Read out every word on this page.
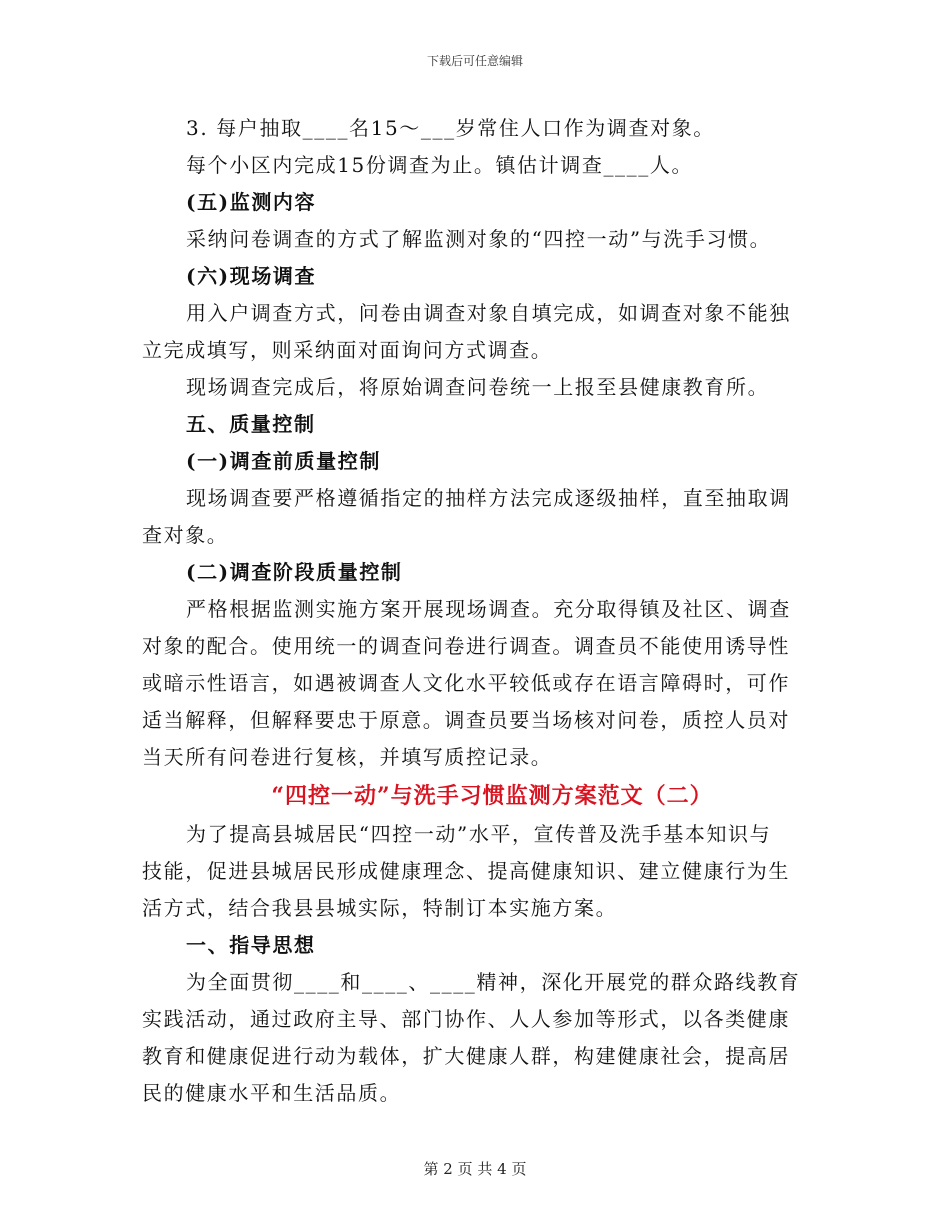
下载后可任意编辑
3. 每户抽取____名15～___岁常住人口作为调查对象。
每个小区内完成15份调查为止。镇估计调查____人。
(五)监测内容
采纳问卷调查的方式了解监测对象的“四控一动”与洗手习惯。
(六)现场调查
用入户调查方式，问卷由调查对象自填完成，如调查对象不能独
立完成填写，则采纳面对面询问方式调查。
现场调查完成后，将原始调查问卷统一上报至县健康教育所。
五、质量控制
(一)调查前质量控制
现场调查要严格遵循指定的抽样方法完成逐级抽样，直至抽取调
查对象。
(二)调查阶段质量控制
严格根据监测实施方案开展现场调查。充分取得镇及社区、调查
对象的配合。使用统一的调查问卷进行调查。调查员不能使用诱导性
或暗示性语言，如遇被调查人文化水平较低或存在语言障碍时，可作
适当解释，但解释要忠于原意。调查员要当场核对问卷，质控人员对
当天所有问卷进行复核，并填写质控记录。
“四控一动”与洗手习惯监测方案范文（二）
为了提高县城居民“四控一动”水平，宣传普及洗手基本知识与
技能，促进县城居民形成健康理念、提高健康知识、建立健康行为生
活方式，结合我县县城实际，特制订本实施方案。
一、指导思想
为全面贯彻____和____、____精神，深化开展党的群众路线教育
实践活动，通过政府主导、部门协作、人人参加等形式，以各类健康
教育和健康促进行动为载体，扩大健康人群，构建健康社会，提高居
民的健康水平和生活品质。
第 2 页 共 4 页
